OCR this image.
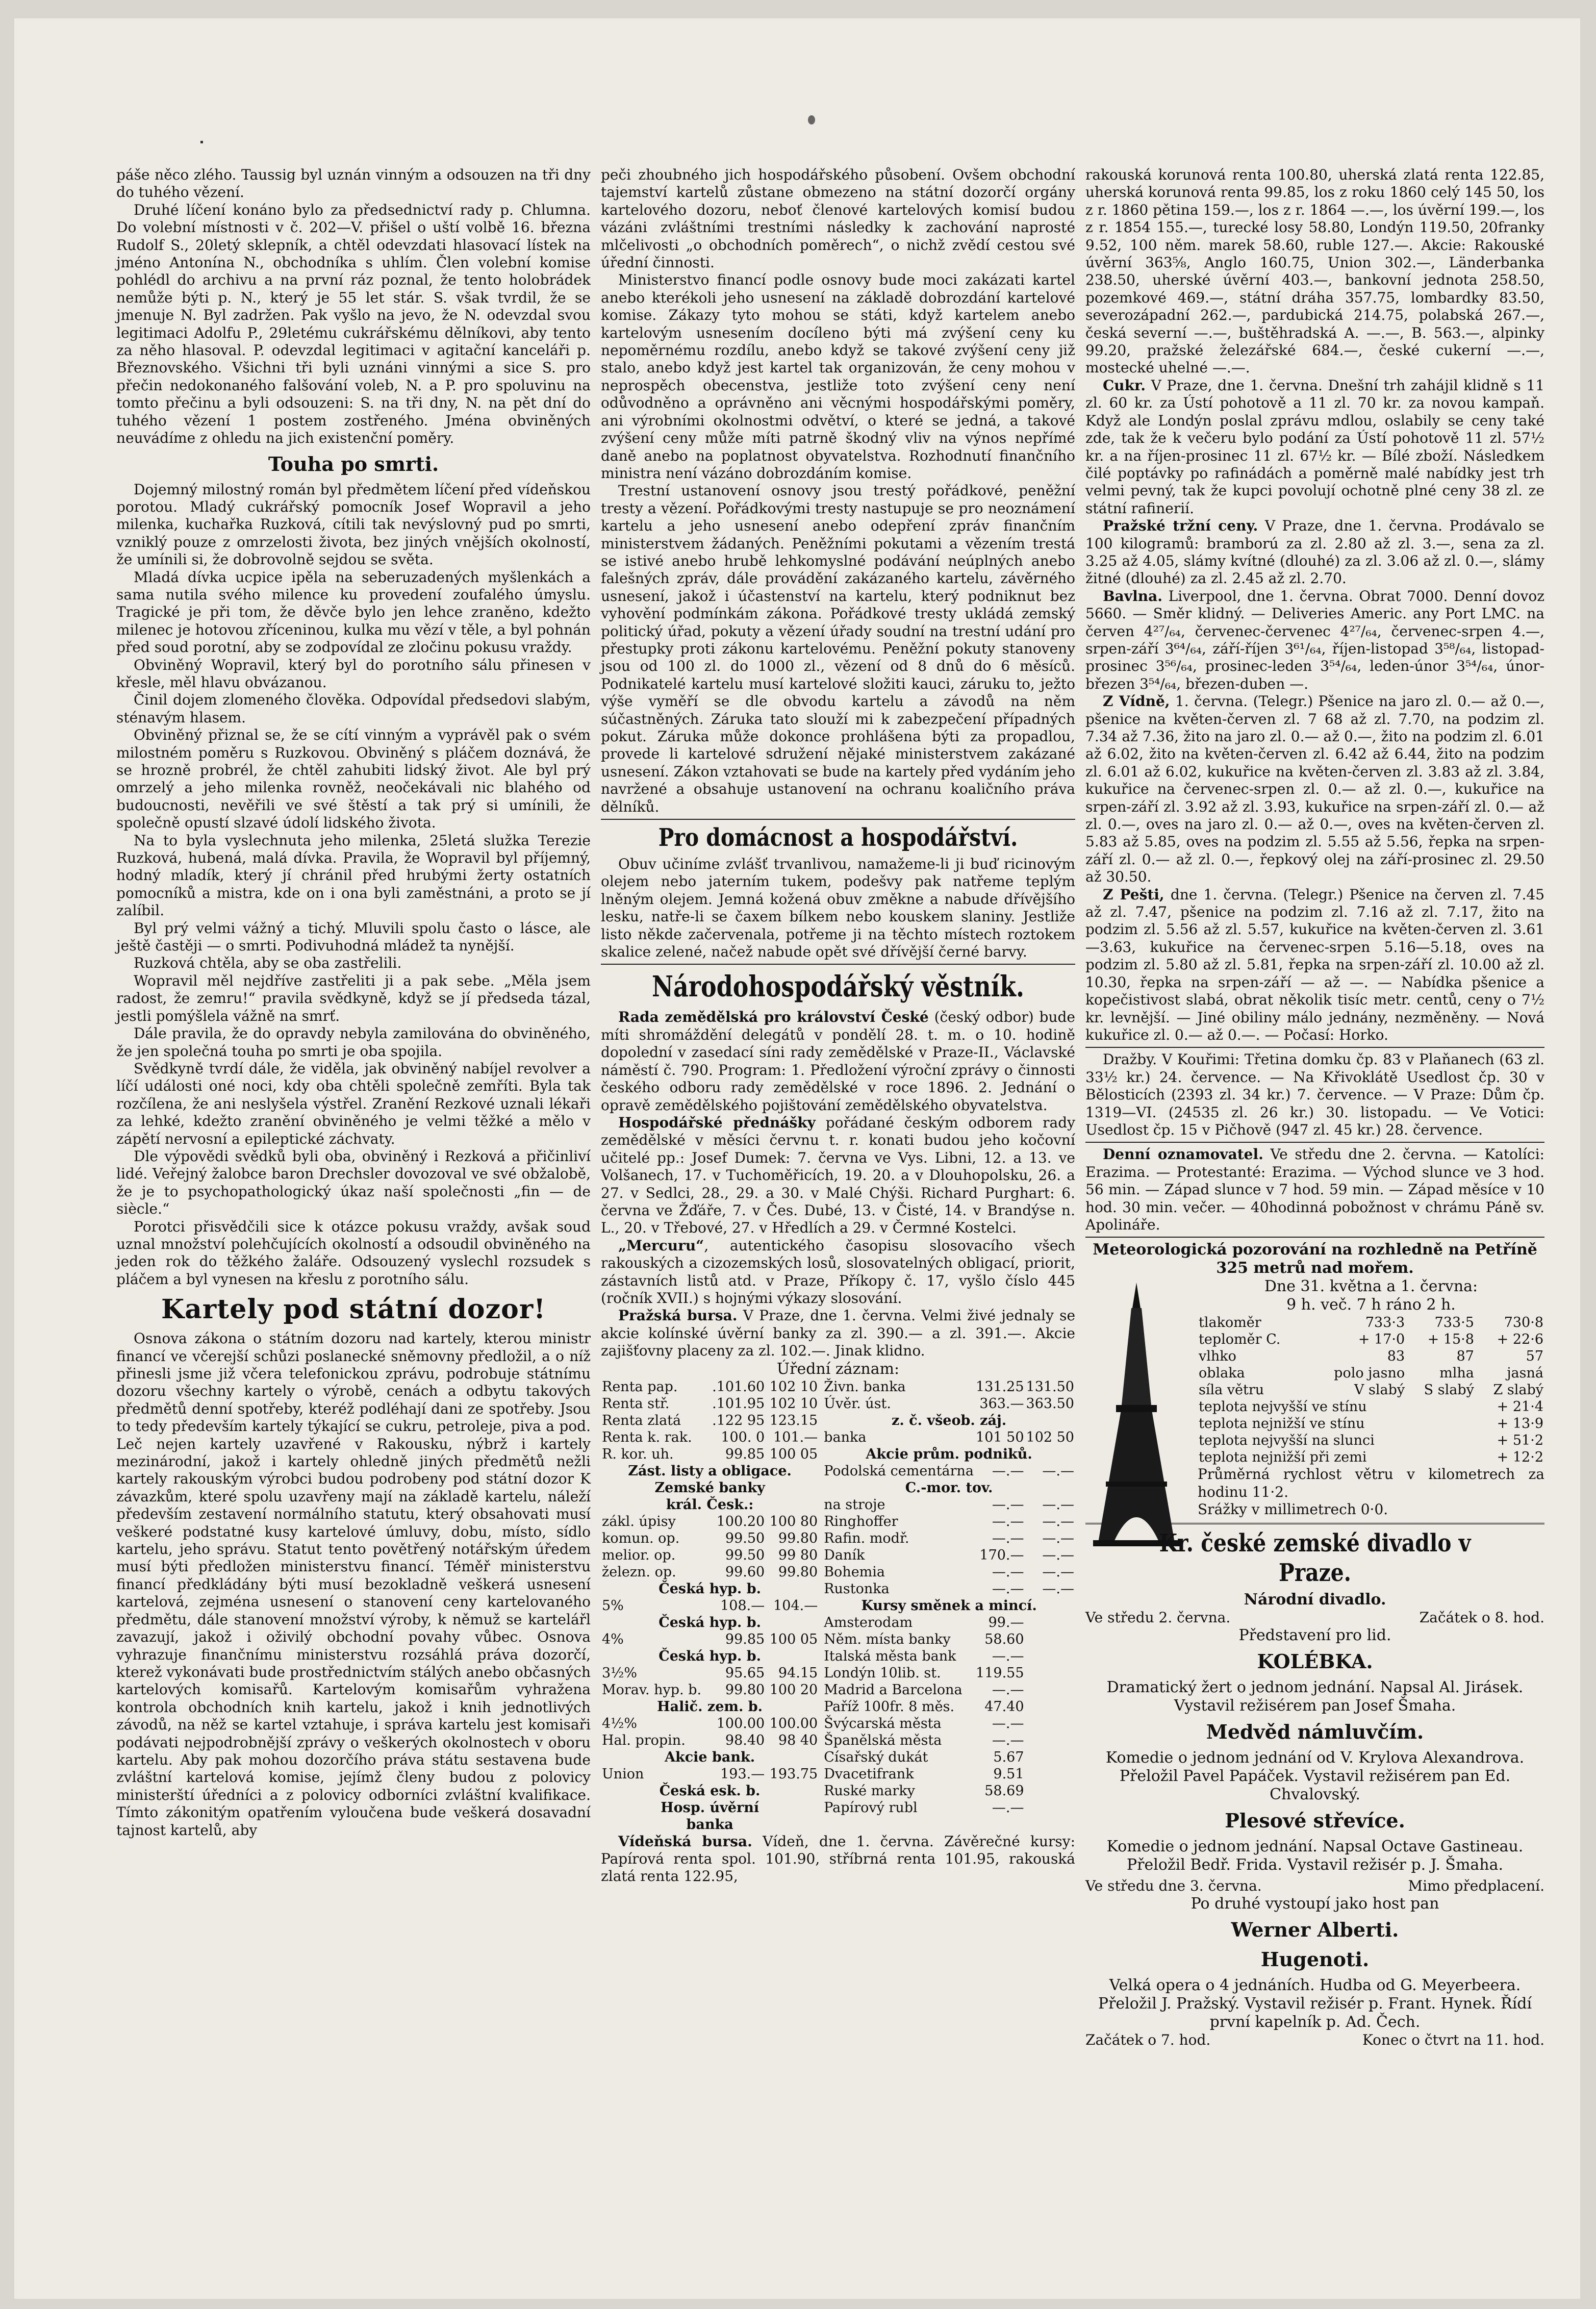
páše něco zlého. Taussig byl uznán vinným a odsouzen na tři dny do tuhého vězení.

Druhé líčení konáno bylo za předsednictví rady p. Chlumna. Do volební místnosti v č. 202—V. přišel o uští volbě 16. března Rudolf S., 20letý sklepník, a chtěl odevzdati hlasovací lístek na jméno Antonína N., obchodníka s uhlím. Člen volební komise pohlédl do archivu a na první ráz poznal, že tento holobrádek nemůže býti p. N., který je 55 let stár. S. však tvrdil, že se jmenuje N. Byl zadržen. Pak vyšlo na jevo, že N. odevzdal svou legitimaci Adolfu P., 29letému cukrářskému dělníkovi, aby tento za něho hlasoval. P. odevzdal legitimaci v agitační kanceláři p. Březnovského. Všichni tři byli uznáni vinnými a sice S. pro přečin nedokonaného falšování voleb, N. a P. pro spoluvinu na tomto přečinu a byli odsouzeni: S. na tři dny, N. na pět dní do tuhého vězení 1 postem zostřeného. Jména obviněných neuvádíme z ohledu na jich existenční poměry.

Touha po smrti.

Dojemný milostný román byl předmětem líčení před vídeňskou porotou. Mladý cukrářský pomocník Josef Wopravil a jeho milenka, kuchařka Ruzková, cítili tak nevýslovný pud po smrti, vzniklý pouze z omrzelosti života, bez jiných vnějších okolností, že umínili si, že dobrovolně sejdou se světa.

Mladá dívka ucpice ipěla na seberuzadených myšlenkách a sama nutila svého milence ku provedení zoufalého úmyslu. Tragické je při tom, že děvče bylo jen lehce zraněno, kdežto milenec je hotovou zříceninou, kulka mu vězí v těle, a byl pohnán před soud porotní, aby se zodpovídal ze zločinu pokusu vraždy.

Obviněný Wopravil, který byl do porotního sálu přinesen v křesle, měl hlavu obvázanou.

Činil dojem zlomeného člověka. Odpovídal předsedovi slabým, sténavým hlasem.

Obviněný přiznal se, že se cítí vinným a vyprávěl pak o svém milostném poměru s Ruzkovou. Obviněný s pláčem doznává, že se hrozně probrél, že chtěl zahubiti lidský život. Ale byl prý omrzelý a jeho milenka rovněž, neočekávali nic blahého od budoucnosti, nevěřili ve své štěstí a tak prý si umínili, že společně opustí slzavé údolí lidského života.

Na to byla vyslechnuta jeho milenka, 25letá služka Terezie Ruzková, hubená, malá dívka. Pravila, že Wopravil byl příjemný, hodný mladík, který jí chránil před hrubými žerty ostatních pomocníků a mistra, kde on i ona byli zaměstnáni, a proto se jí zalíbil.

Byl prý velmi vážný a tichý. Mluvili spolu často o lásce, ale ještě častěji — o smrti. Podivuhodná mládež ta nynější.

Ruzková chtěla, aby se oba zastřelili.

Wopravil měl nejdříve zastřeliti ji a pak sebe. „Měla jsem radost, že zemru!“ pravila svědkyně, když se jí předseda tázal, jestli pomýšlela vážně na smrť.

Dále pravila, že do opravdy nebyla zamilována do obviněného, že jen společná touha po smrti je oba spojila.

Svědkyně tvrdí dále, že viděla, jak obviněný nabíjel revolver a líčí události oné noci, kdy oba chtěli společně zemříti. Byla tak rozčílena, že ani neslyšela výstřel. Zranění Rezkové uznali lékaři za lehké, kdežto zranění obviněného je velmi těžké a mělo v zápětí nervosní a epileptické záchvaty.

Dle výpovědi svědků byli oba, obviněný i Rezková a přičinliví lidé. Veřejný žalobce baron Drechsler dovozoval ve své obžalobě, že je to psychopathologický úkaz naší společnosti „fin — de siècle.“

Porotci přisvědčili sice k otázce pokusu vraždy, avšak soud uznal množství polehčujících okolností a odsoudil obviněného na jeden rok do těžkého žaláře. Odsouzený vyslechl rozsudek s pláčem a byl vynesen na křeslu z porotního sálu.

Kartely pod státní dozor!

Osnova zákona o státním dozoru nad kartely, kterou ministr financí ve včerejší schůzi poslanecké sněmovny předložil, a o níž přinesli jsme již včera telefonickou zprávu, podrobuje státnímu dozoru všechny kartely o výrobě, cenách a odbytu takových předmětů denní spotřeby, kteréž podléhají dani ze spotřeby. Jsou to tedy především kartely týkající se cukru, petroleje, piva a pod. Leč nejen kartely uzavřené v Rakousku, nýbrž i kartely mezinárodní, jakož i kartely ohledně jiných předmětů nežli kartely rakouským výrobci budou podrobeny pod státní dozor K závazkům, které spolu uzavřeny mají na základě kartelu, náleží především zestavení normálního statutu, který obsahovati musí veškeré podstatné kusy kartelové úmluvy, dobu, místo, sídlo kartelu, jeho správu. Statut tento povětřený notářským úředem musí býti předložen ministerstvu financí. Téměř ministerstvu financí předkládány býti musí bezokladně veškerá usnesení kartelová, zejména usnesení o stanovení ceny kartelovaného předmětu, dále stanovení množství výroby, k němuž se kartelářl zavazují, jakož i oživilý obchodní povahy vůbec. Osnova vyhrazuje finančnímu ministerstvu rozsáhlá práva dozorčí, kterež vykonávati bude prostřednictvím stálých anebo občasných kartelových komisařů. Kartelovým komisařům vyhražena kontrola obchodních knih kartelu, jakož i knih jednotlivých závodů, na něž se kartel vztahuje, i správa kartelu jest komisaři podávati nejpodrobnější zprávy o veškerých okolnostech v oboru kartelu. Aby pak mohou dozorčího práva státu sestavena bude zvláštní kartelová komise, jejímž členy budou z polovicy ministerští úředníci a z polovicy odborníci zvláštní kvalifikace. Tímto zákonitým opatřením vyloučena bude veškerá dosavadní tajnost kartelů, aby

peči zhoubného jich hospodářského působení. Ovšem obchodní tajemství kartelů zůstane obmezeno na státní dozorčí orgány kartelového dozoru, neboť členové kartelových komisí budou vázáni zvláštními trestními následky k zachování naprosté mlčelivosti „o obchodních poměrech“, o nichž zvědí cestou své úřední činnosti.

Ministerstvo financí podle osnovy bude moci zakázati kartel anebo kterékoli jeho usnesení na základě dobrozdání kartelové komise. Zákazy tyto mohou se státi, když kartelem anebo kartelovým usnesením docíleno býti má zvýšení ceny ku nepoměrnému rozdílu, anebo když se takové zvýšení ceny již stalo, anebo když jest kartel tak organizován, že ceny mohou v neprospěch obecenstva, jestliže toto zvýšení ceny není odůvodněno a oprávněno ani věcnými hospodářskými poměry, ani výrobními okolnostmi odvětví, o které se jedná, a takové zvýšení ceny může míti patrně škodný vliv na výnos nepřímé daně anebo na poplatnost obyvatelstva. Rozhodnutí finančního ministra není vázáno dobrozdáním komise.

Trestní ustanovení osnovy jsou trestý pořádkové, peněžní tresty a vězení. Pořádkovými tresty nastupuje se pro neoznámení kartelu a jeho usnesení anebo odepření zpráv finančním ministerstvem žádaných. Peněžními pokutami a vězením trestá se istivé anebo hrubě lehkomyslné podávání neúplných anebo falešných zpráv, dále provádění zakázaného kartelu, závěrného usnesení, jakož i účastenství na kartelu, který podniknut bez vyhovění podmínkám zákona. Pořádkové tresty ukládá zemský politický úřad, pokuty a vězení úřady soudní na trestní udání pro přestupky proti zákonu kartelovému. Peněžní pokuty stanoveny jsou od 100 zl. do 1000 zl., vězení od 8 dnů do 6 měsíců. Podnikatelé kartelu musí kartelové složiti kauci, záruku to, ježto výše vyměří se dle obvodu kartelu a závodů na něm súčastněných. Záruka tato slouží mi k zabezpečení případných pokut. Záruka může dokonce prohlášena býti za propadlou, provede li kartelové sdružení nějaké ministerstvem zakázané usnesení. Zákon vztahovati se bude na kartely před vydáním jeho navržené a obsahuje ustanovení na ochranu koaličního práva dělníků.

Pro domácnost a hospodářství.

Obuv učiníme zvlášť trvanlivou, namažeme-li ji buď ricinovým olejem nebo jaterním tukem, podešvy pak natřeme teplým lněným olejem. Jemná kožená obuv změkne a nabude dřívějšího lesku, natře-li se čaxem bílkem nebo kouskem slaniny. Jestliže listo někde začervenala, potřeme ji na těchto místech roztokem skalice zelené, načež nabude opět své dřívější černé barvy.

Národohospodářský věstník.

Rada zemědělská pro království České (český odbor) bude míti shromáždění delegátů v pondělí 28. t. m. o 10. hodině dopolední v zasedací síni rady zemědělské v Praze-II., Václavské náměstí č. 790. Program: 1. Předložení výroční zprávy o činnosti českého odboru rady zemědělské v roce 1896. 2. Jednání o opravě zemědělského pojištování zemědělského obyvatelstva.

Hospodářské přednášky pořádané českým odborem rady zemědělské v měsíci červnu t. r. konati budou jeho kočovní učitelé pp.: Josef Dumek: 7. června ve Vys. Libni, 12. a 13. ve Volšanech, 17. v Tuchoměřicích, 19. 20. a v Dlouhopolsku, 26. a 27. v Sedlci, 28., 29. a 30. v Malé Chýši. Richard Purghart: 6. června ve Žďáře, 7. v Čes. Dubé, 13. v Čisté, 14. v Brandýse n. L., 20. v Třebové, 27. v Hředlích a 29. v Čermné Kostelci.

„Mercuru“, autentického časopisu slosovacího všech rakouských a cizozemských losů, slosovatelných obligací, priorit, zástavních listů atd. v Praze, Příkopy č. 17, vyšlo číslo 445 (ročník XVII.) s hojnými výkazy slosování.

Pražská bursa. V Praze, dne 1. června. Velmi živé jednaly se akcie kolínské úvěrní banky za zl. 390.— a zl. 391.—. Akcie zajišťovny placeny za zl. 102.—. Jinak klidno.

Úřední záznam:
Renta pap.	.101.60	102 10
Renta stř.	.101.95	102 10
Renta zlatá	.122 95	123.15
Renta k. rak.	100. 0	101.—
R. kor. uh.	99.85	100 05
Zást. listy a obligace.		
Zemské banky		
král. Česk.:		
zákl. úpisy	100.20	100 80
komun. op.	99.50	99.80
melior. op.	99.50	99 80
železn. op.	99.60	99.80
Česká hyp. b.		
5%	108.—	104.—
Česká hyp. b.		
4%	99.85	100 05
Česká hyp. b.		
3½%	95.65	94.15
Morav. hyp. b.	99.80	100 20
Halič. zem. b.		
4½%	100.00	100.00
Hal. propin.	98.40	98 40
Akcie bank.		
Union	193.—	193.75
Česká esk. b.		
Hosp. úvěrní		
banka		
Živn. banka	131.25	131.50
Úvěr. úst.	363.—	363.50
z. č. všeob. záj.		
banka	101 50	102 50
Akcie prům. podniků.		
Podolská cementárna	—.—	—.—
C.-mor. tov.		
na stroje	—.—	—.—
Ringhoffer	—.—	—.—
Rafin. modř.	—.—	—.—
Daník	170.—	—.—
Bohemia	—.—	—.—
Rustonka	—.—	—.—
Kursy směnek a mincí.		
Amsterodam	99.—	
Něm. místa banky	58.60	
Italská města bank	—.—	
Londýn 10lib. st.	119.55	
Madrid a Barcelona	—.—	
Paříž 100fr. 8 měs.	47.40	
Švýcarská města	—.—	
Španělská města	—.—	
Císařský dukát	5.67	
Dvacetifrank	9.51	
Ruské marky	58.69	
Papírový rubl	—.—	

Vídeňská bursa. Vídeň, dne 1. června. Závěrečné kursy: Papírová renta spol. 101.90, stříbrná renta 101.95, rakouská zlatá renta 122.95,

rakouská korunová renta 100.80, uherská zlatá renta 122.85, uherská korunová renta 99.85, los z roku 1860 celý 145 50, los z r. 1860 pětina 159.—, los z r. 1864 —.—, los úvěrní 199.—, los z r. 1854 155.—, turecké losy 58.80, Londýn 119.50, 20franky 9.52, 100 něm. marek 58.60, ruble 127.—. Akcie: Rakouské úvěrní 363⅝, Anglo 160.75, Union 302.—, Länderbanka 238.50, uherské úvěrní 403.—, bankovní jednota 258.50, pozemkové 469.—, státní dráha 357.75, lombardky 83.50, severozápadní 262.—, pardubická 214.75, polabská 267.—, česká severní —.—, buštěhradská A. —.—, B. 563.—, alpinky 99.20, pražské železářské 684.—, české cukerní —.—, mostecké uhelné —.—.

Cukr. V Praze, dne 1. června. Dnešní trh zahájil klidně s 11 zl. 60 kr. za Ústí pohotově a 11 zl. 70 kr. za novou kampaň. Když ale Londýn poslal zprávu mdlou, oslabily se ceny také zde, tak že k večeru bylo podání za Ústí pohotově 11 zl. 57½ kr. a na říjen-prosinec 11 zl. 67½ kr. — Bílé zboží. Následkem čilé poptávky po rafinádách a poměrně malé nabídky jest trh velmi pevný, tak že kupci povolují ochotně plné ceny 38 zl. ze státní rafinerií.

Pražské tržní ceny. V Praze, dne 1. června. Prodávalo se 100 kilogramů: bramború za zl. 2.80 až zl. 3.—, sena za zl. 3.25 až 4.05, slámy kvítné (dlouhé) za zl. 3.06 až zl. 0.—, slámy žitné (dlouhé) za zl. 2.45 až zl. 2.70.

Bavlna. Liverpool, dne 1. června. Obrat 7000. Denní dovoz 5660. — Směr klidný. — Deliveries Americ. any Port LMC. na červen 4²⁷/₆₄, červenec-červenec 4²⁷/₆₄, červenec-srpen 4.—, srpen-září 3⁶⁴/₆₄, září-říjen 3⁶¹/₆₄, říjen-listopad 3⁵⁸/₆₄, listopad-prosinec 3⁵⁶/₆₄, prosinec-leden 3⁵⁴/₆₄, leden-únor 3⁵⁴/₆₄, únor-březen 3⁵⁴/₆₄, březen-duben —.

Z Vídně, 1. června. (Telegr.) Pšenice na jaro zl. 0.— až 0.—, pšenice na květen-červen zl. 7 68 až zl. 7.70, na podzim zl. 7.34 až 7.36, žito na jaro zl. 0.— až 0.—, žito na podzim zl. 6.01 až 6.02, žito na květen-červen zl. 6.42 až 6.44, žito na podzim zl. 6.01 až 6.02, kukuřice na květen-červen zl. 3.83 až zl. 3.84, kukuřice na červenec-srpen zl. 0.— až zl. 0.—, kukuřice na srpen-září zl. 3.92 až zl. 3.93, kukuřice na srpen-září zl. 0.— až zl. 0.—, oves na jaro zl. 0.— až 0.—, oves na květen-červen zl. 5.83 až 5.85, oves na podzim zl. 5.55 až 5.56, řepka na srpen-září zl. 0.— až zl. 0.—, řepkový olej na září-prosinec zl. 29.50 až 30.50.

Z Pešti, dne 1. června. (Telegr.) Pšenice na červen zl. 7.45 až zl. 7.47, pšenice na podzim zl. 7.16 až zl. 7.17, žito na podzim zl. 5.56 až zl. 5.57, kukuřice na květen-červen zl. 3.61—3.63, kukuřice na červenec-srpen 5.16—5.18, oves na podzim zl. 5.80 až zl. 5.81, řepka na srpen-září zl. 10.00 až zl. 10.30, řepka na srpen-září — až —. — Nabídka pšenice a kopečistivost slabá, obrat několik tisíc metr. centů, ceny o 7½ kr. levnější. — Jiné obiliny málo jednány, nezměněny. — Nová kukuřice zl. 0.— až 0.—. — Počasí: Horko.

Dražby. V Kouřimi: Třetina domku čp. 83 v Plaňanech (63 zl. 33½ kr.) 24. července. — Na Křivoklátě Usedlost čp. 30 v Bělosticích (2393 zl. 34 kr.) 7. července. — V Praze: Dům čp. 1319—VI. (24535 zl. 26 kr.) 30. listopadu. — Ve Votici: Usedlost čp. 15 v Pičhově (947 zl. 45 kr.) 28. července.

Denní oznamovatel. Ve středu dne 2. června. — Katolíci: Erazima. — Protestanté: Erazima. — Východ slunce ve 3 hod. 56 min. — Západ slunce v 7 hod. 59 min. — Západ měsíce v 10 hod. 30 min. večer. — 40hodinná pobožnost v chrámu Páně sv. Apolináře.

Meteorologická pozorování na rozhledně na Petříně
325 metrů nad mořem.
Dne 31. května a 1. června:
9 h. več. 7 h ráno 2 h.
tlakoměr	733·3	733·5	730·8
teploměr C.	+ 17·0	+ 15·8	+ 22·6
vlhko	83	87	57
oblaka	polo jasno	mlha	jasná
síla větru	V slabý	S slabý	Z slabý
teplota nejvyšší ve stínu	+ 21·4
teplota nejnižší ve stínu	+ 13·9
teplota nejvyšší na slunci	+ 51·2
teplota nejnižší při zemi	+ 12·2
Průměrná rychlost větru v kilometrech za hodinu 11·2.
Srážky v millimetrech 0·0.
Kr. české zemské divadlo v Praze.
Národní divadlo.
Ve středu 2. června.	Začátek o 8. hod.
Představení pro lid.
KOLÉBKA.
Dramatický žert o jednom jednání. Napsal Al. Jirásek. Vystavil režisérem pan Josef Šmaha.
Medvěd námluvčím.
Komedie o jednom jednání od V. Krylova Alexandrova. Přeložil Pavel Papáček. Vystavil režisérem pan Ed. Chvalovský.
Plesové střevíce.
Komedie o jednom jednání. Napsal Octave Gastineau. Přeložil Bedř. Frida. Vystavil režisér p. J. Šmaha.
Ve středu dne 3. června.	Mimo předplacení.
Po druhé vystoupí jako host pan
Werner Alberti.
Hugenoti.
Velká opera o 4 jednáních. Hudba od G. Meyerbeera. Přeložil J. Pražský. Vystavil režisér p. Frant. Hynek. Řídí první kapelník p. Ad. Čech.
Začátek o 7. hod.	Konec o čtvrt na 11. hod.
